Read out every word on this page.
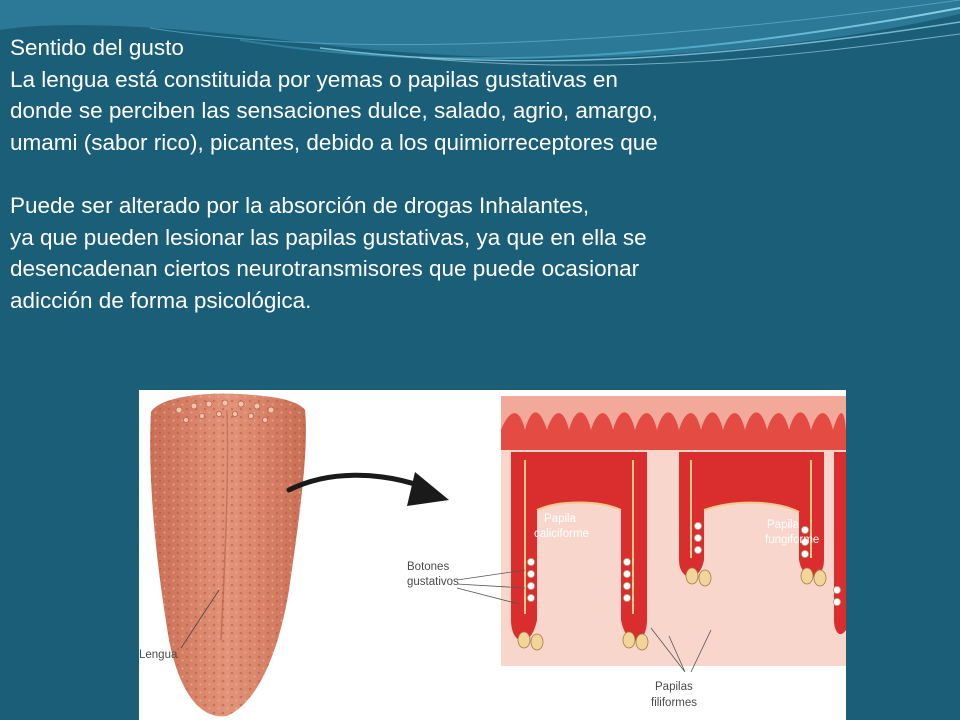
Sentido del gusto

La lengua está constituida por yemas o papilas gustativas en

donde se perciben las sensaciones dulce, salado, agrio, amargo,

umami (sabor rico), picantes, debido a los quimiorreceptores que

Puede ser alterado por la absorción de drogas Inhalantes,

ya que pueden lesionar las papilas gustativas, ya que en ella se

desencadenan ciertos neurotransmisores que puede ocasionar

adicción de forma psicológica.

Lengua
Papila
caliciforme
Papila
fungiforme
Botones
gustativos
Papilas
filiformes
